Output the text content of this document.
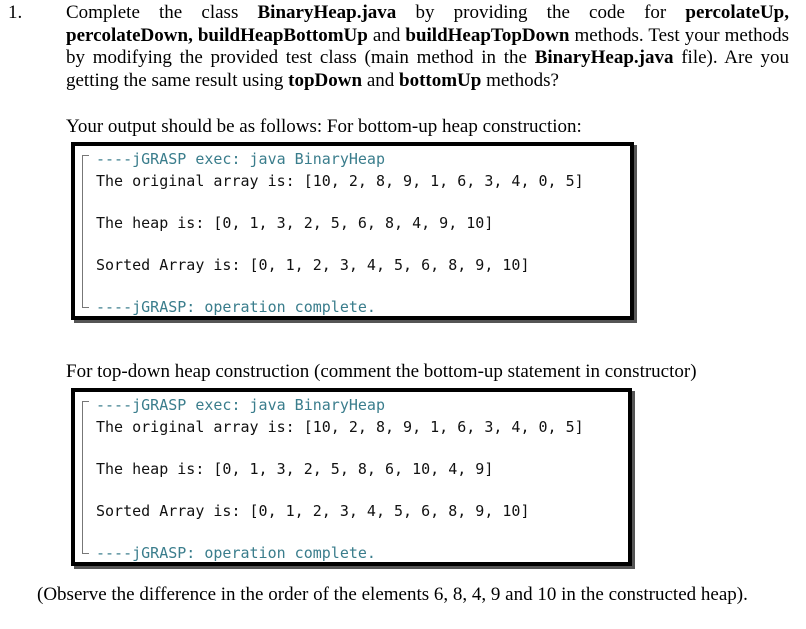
1. Complete the class BinaryHeap.java by providing the code for percolateUp, percolateDown, buildHeapBottomUp and buildHeapTopDown methods. Test your methods by modifying the provided test class (main method in the BinaryHeap.java file). Are you getting the same result using topDown and bottomUp methods?

Your output should be as follows: For bottom-up heap construction:
----jGRASP exec: java BinaryHeap
The original array is: [10, 2, 8, 9, 1, 6, 3, 4, 0, 5]
The heap is: [0, 1, 3, 2, 5, 6, 8, 4, 9, 10]
Sorted Array is: [0, 1, 2, 3, 4, 5, 6, 8, 9, 10]
----jGRASP: operation complete.
For top-down heap construction (comment the bottom-up statement in constructor)
----jGRASP exec: java BinaryHeap
The original array is: [10, 2, 8, 9, 1, 6, 3, 4, 0, 5]
The heap is: [0, 1, 3, 2, 5, 8, 6, 10, 4, 9]
Sorted Array is: [0, 1, 2, 3, 4, 5, 6, 8, 9, 10]
----jGRASP: operation complete.
(Observe the difference in the order of the elements 6, 8, 4, 9 and 10 in the constructed heap).
